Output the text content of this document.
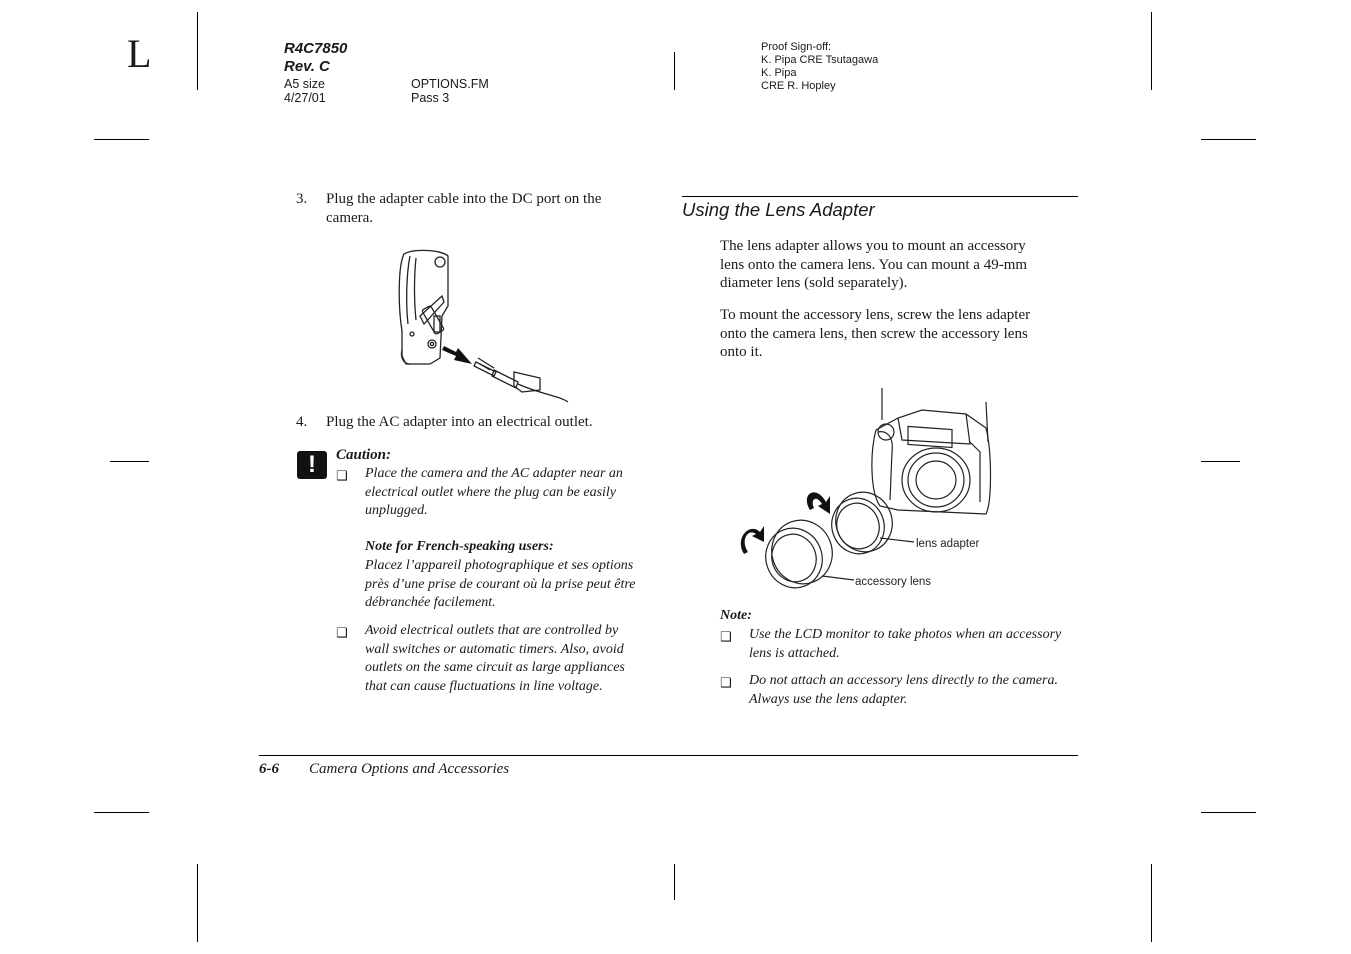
L	R4C7850
Rev. C
A5 size
4/27/01
OPTIONS.FM
Pass 3
Proof Sign-off:
K. Pipa CRE Tsutagawa
K. Pipa
CRE R. Hopley
3. Plug the adapter cable into the DC port on the
camera.
4. Plug the AC adapter into an electrical outlet.
!	Caution:
❑ Place the camera and the AC adapter near an
electrical outlet where the plug can be easily
unplugged.
Note for French-speaking users:
Placez l’appareil photographique et ses options
près d’une prise de courant où la prise peut être
débranchée facilement.
❑ Avoid electrical outlets that are controlled by
wall switches or automatic timers. Also, avoid
outlets on the same circuit as large appliances
that can cause fluctuations in line voltage.
Using the Lens Adapter
The lens adapter allows you to mount an accessory
lens onto the camera lens. You can mount a 49-mm
diameter lens (sold separately).
To mount the accessory lens, screw the lens adapter
onto the camera lens, then screw the accessory lens
onto it.
lens adapter
accessory lens
Note:
❑ Use the LCD monitor to take photos when an accessory
lens is attached.
❑ Do not attach an accessory lens directly to the camera.
Always use the lens adapter.
6-6 Camera Options and Accessories
